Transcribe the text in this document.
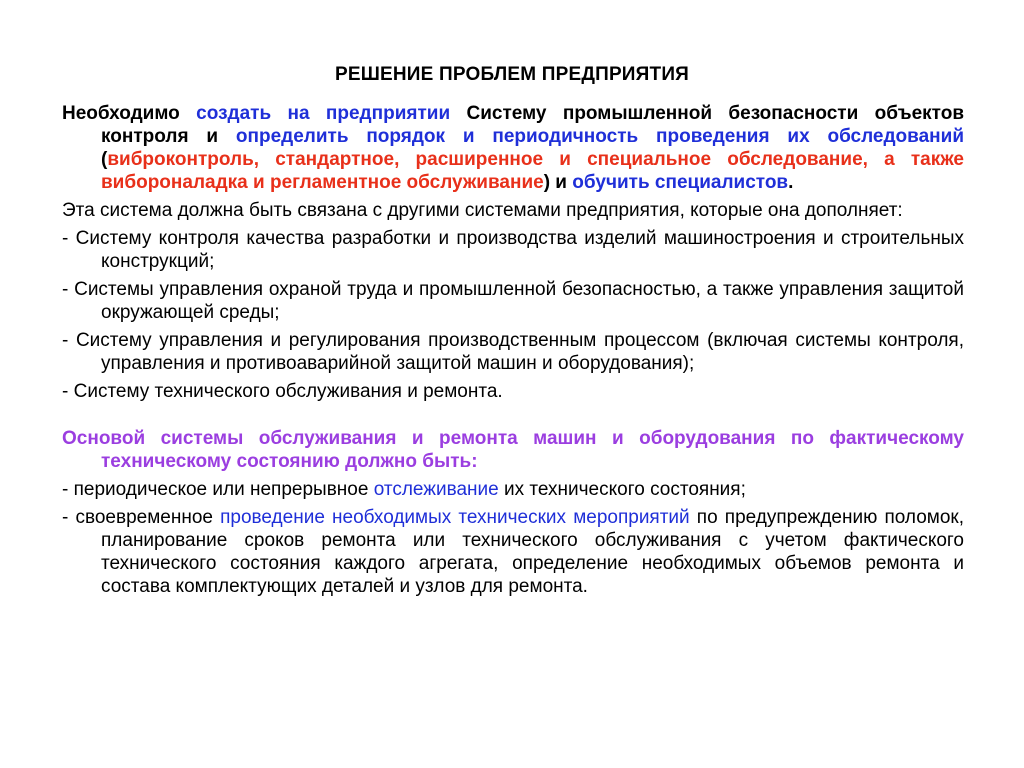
РЕШЕНИЕ ПРОБЛЕМ ПРЕДПРИЯТИЯ

Необходимо создать на предприятии Систему промышленной безопасности объектов контроля и определить порядок и периодичность проведения их обследований (виброконтроль, стандартное, расширенное и специальное обследование, а также вибороналадка и регламентное обслуживание) и обучить специалистов.

Эта система должна быть связана с другими системами предприятия, которые она дополняет:

- Систему контроля качества разработки и производства изделий машиностроения и строительных конструкций;

- Системы управления охраной труда и промышленной безопасностью, а также управления защитой окружающей среды;

- Систему управления и регулирования производственным процессом (включая системы контроля, управления и противоаварийной защитой машин и оборудования);

- Систему технического обслуживания и ремонта.

Основой системы обслуживания и ремонта машин и оборудования по фактическому техническому состоянию должно быть:

- периодическое или непрерывное отслеживание их технического состояния;

- своевременное проведение необходимых технических мероприятий по предупреждению поломок, планирование сроков ремонта или технического обслуживания с учетом фактического технического состояния каждого агрегата, определение необходимых объемов ремонта и состава комплектующих деталей и узлов для ремонта.
